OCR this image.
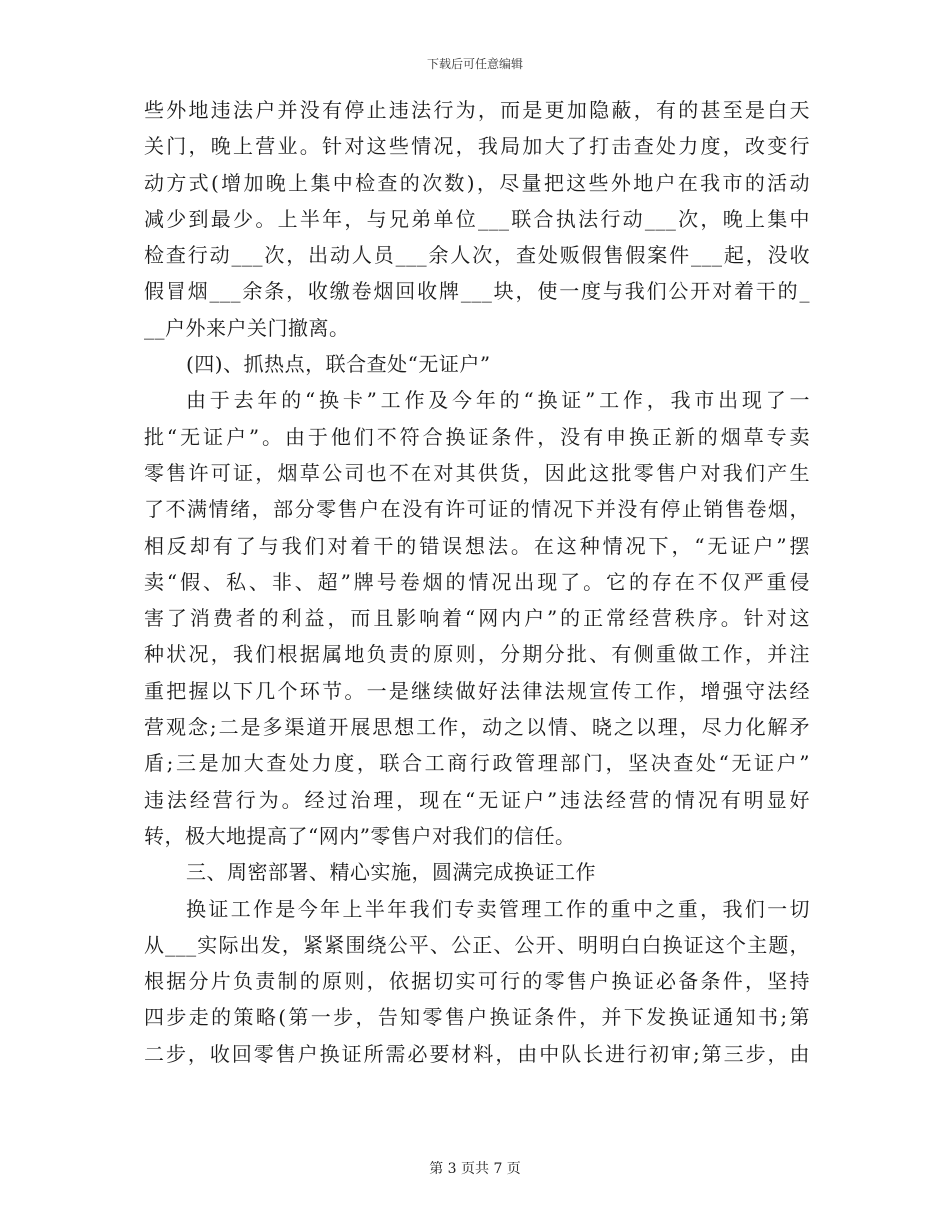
下载后可任意编辑
些外地违法户并没有停止违法行为，而是更加隐蔽，有的甚至是白天
关门，晚上营业。针对这些情况，我局加大了打击查处力度，改变行
动方式(增加晚上集中检查的次数)，尽量把这些外地户在我市的活动
减少到最少。上半年，与兄弟单位___联合执法行动___次，晚上集中
检查行动___次，出动人员___余人次，查处贩假售假案件___起，没收
假冒烟___余条，收缴卷烟回收牌___块，使一度与我们公开对着干的_
__户外来户关门撤离。
(四)、抓热点，联合查处“无证户”
由于去年的“换卡”工作及今年的“换证”工作，我市出现了一
批“无证户”。由于他们不符合换证条件，没有申换正新的烟草专卖
零售许可证，烟草公司也不在对其供货，因此这批零售户对我们产生
了不满情绪，部分零售户在没有许可证的情况下并没有停止销售卷烟，
相反却有了与我们对着干的错误想法。在这种情况下，“无证户”摆
卖“假、私、非、超”牌号卷烟的情况出现了。它的存在不仅严重侵
害了消费者的利益，而且影响着“网内户”的正常经营秩序。针对这
种状况，我们根据属地负责的原则，分期分批、有侧重做工作，并注
重把握以下几个环节。一是继续做好法律法规宣传工作，增强守法经
营观念;二是多渠道开展思想工作，动之以情、晓之以理，尽力化解矛
盾;三是加大查处力度，联合工商行政管理部门，坚决查处“无证户”
违法经营行为。经过治理，现在“无证户”违法经营的情况有明显好
转，极大地提高了“网内”零售户对我们的信任。
三、周密部署、精心实施，圆满完成换证工作
换证工作是今年上半年我们专卖管理工作的重中之重，我们一切
从___实际出发，紧紧围绕公平、公正、公开、明明白白换证这个主题，
根据分片负责制的原则，依据切实可行的零售户换证必备条件，坚持
四步走的策略(第一步，告知零售户换证条件，并下发换证通知书;第
二步，收回零售户换证所需必要材料，由中队长进行初审;第三步，由
第 3 页共 7 页
